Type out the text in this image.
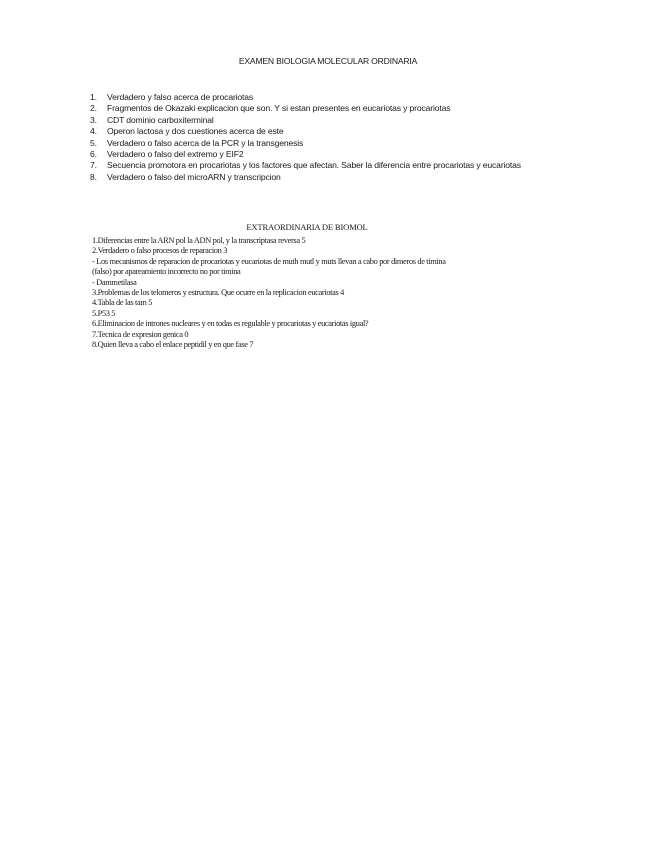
EXAMEN BIOLOGIA MOLECULAR ORDINARIA
1. Verdadero y falso acerca de procariotas
2. Fragmentos de Okazaki explicacion que son. Y si estan presentes en eucariotas y procariotas
3. CDT dominio carboxiterminal
4. Operon lactosa y dos cuestiones acerca de este
5. Verdadero o falso acerca de la PCR y la transgenesis
6. Verdadero o falso del extremo y EIF2
7. Secuencia promotora en procariotas y los factores que afectan. Saber la diferencia entre procariotas y eucariotas
8. Verdadero o falso del microARN y transcripcion
EXTRAORDINARIA DE BIOMOL
1.Diferencias entre la ARN pol la ADN pol, y la transcriptasa reversa 5
2.Verdadero o falso procesos de reparacion 3
- Los mecanismos de reparacion de procariotas y eucariotas de muth mutl y muts llevan a cabo por dimeros de timina
(falso) por apareamiento incorrecto no por timina
- Dammetilasa
3.Problemas de los telomeros y estructura. Que ocurre en la replicacion eucariotas 4
4.Tabla de las tam 5
5.P53 5
6.Eliminacion de intrones nucleares y en todas es regulable y procariotas y eucariotas igual?
7.Tecnica de expresion genica 0
8.Quien lleva a cabo el enlace peptidil y en que fase 7
